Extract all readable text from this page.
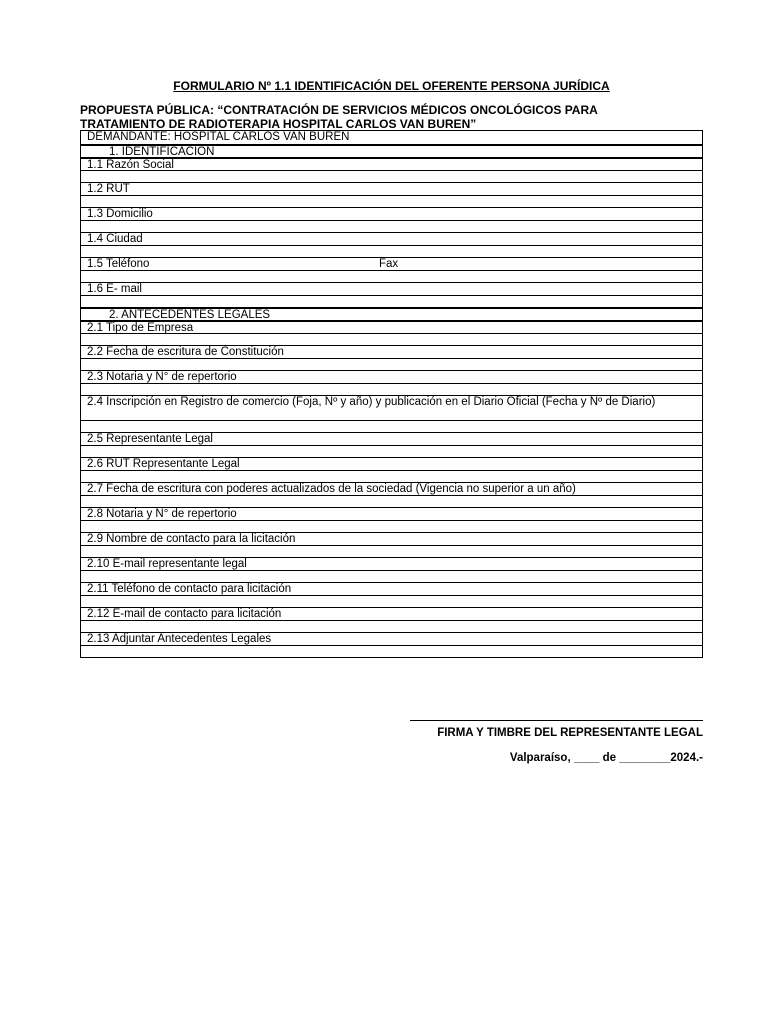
FORMULARIO Nº 1.1 IDENTIFICACIÓN DEL OFERENTE PERSONA JURÍDICA
PROPUESTA PÚBLICA: “CONTRATACIÓN DE SERVICIOS MÉDICOS ONCOLÓGICOS PARA
TRATAMIENTO DE RADIOTERAPIA HOSPITAL CARLOS VAN BUREN”
DEMANDANTE: HOSPITAL CARLOS VAN BUREN
1. IDENTIFICACIÓN
1.1 Razón Social
1.2 RUT
1.3 Domicilio
1.4 Ciudad
1.5 Teléfono	Fax
1.6 E- mail
2. ANTECEDENTES LEGALES
2.1 Tipo de Empresa
2.2 Fecha de escritura de Constitución
2.3 Notaria y N° de repertorio
2.4 Inscripción en Registro de comercio (Foja, Nº y año) y publicación en el Diario Oficial (Fecha y Nº de Diario)
2.5 Representante Legal
2.6 RUT Representante Legal
2.7 Fecha de escritura con poderes actualizados de la sociedad (Vigencia no superior a un año)
2.8 Notaria y N° de repertorio
2.9 Nombre de contacto para la licitación
2.10 E-mail representante legal
2.11 Teléfono de contacto para licitación
2.12 E-mail de contacto para licitación
2.13 Adjuntar Antecedentes Legales
FIRMA Y TIMBRE DEL REPRESENTANTE LEGAL
Valparaíso, ____ de ________2024.-
